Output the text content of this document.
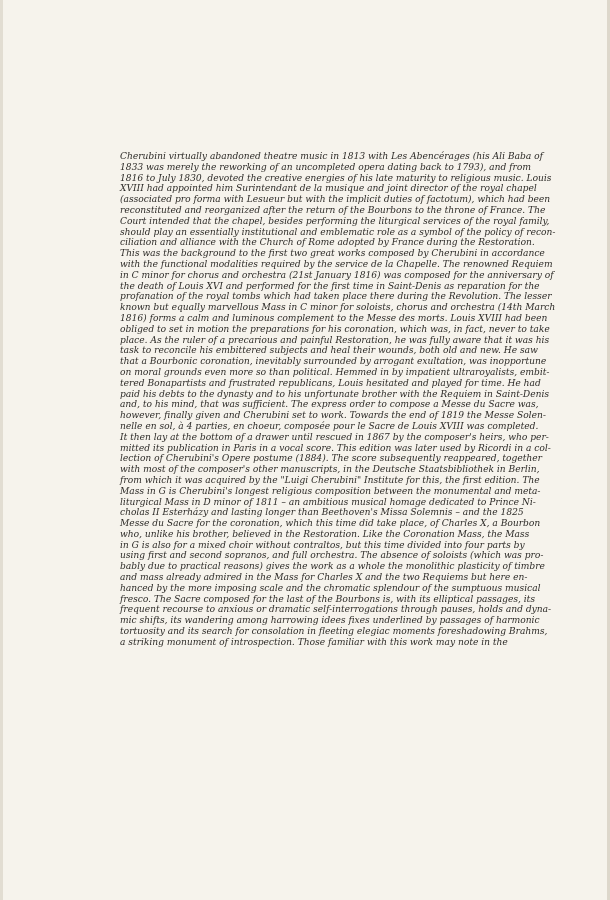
Cherubini virtually abandoned theatre music in 1813 with Les Abencérages (his Ali Baba of
1833 was merely the reworking of an uncompleted opera dating back to 1793), and from
1816 to July 1830, devoted the creative energies of his late maturity to religious music. Louis
XVIII had appointed him Surintendant de la musique and joint director of the royal chapel
(associated pro forma with Lesueur but with the implicit duties of factotum), which had been
reconstituted and reorganized after the return of the Bourbons to the throne of France. The
Court intended that the chapel, besides performing the liturgical services of the royal family,
should play an essentially institutional and emblematic role as a symbol of the policy of recon-
ciliation and alliance with the Church of Rome adopted by France during the Restoration.
This was the background to the first two great works composed by Cherubini in accordance
with the functional modalities required by the service de la Chapelle. The renowned Requiem
in C minor for chorus and orchestra (21st January 1816) was composed for the anniversary of
the death of Louis XVI and performed for the first time in Saint-Denis as reparation for the
profanation of the royal tombs which had taken place there during the Revolution. The lesser
known but equally marvellous Mass in C minor for soloists, chorus and orchestra (14th March
1816) forms a calm and luminous complement to the Messe des morts. Louis XVIII had been
obliged to set in motion the preparations for his coronation, which was, in fact, never to take
place. As the ruler of a precarious and painful Restoration, he was fully aware that it was his
task to reconcile his embittered subjects and heal their wounds, both old and new. He saw
that a Bourbonic coronation, inevitably surrounded by arrogant exultation, was inopportune
on moral grounds even more so than political. Hemmed in by impatient ultraroyalists, embit-
tered Bonapartists and frustrated republicans, Louis hesitated and played for time. He had
paid his debts to the dynasty and to his unfortunate brother with the Requiem in Saint-Denis
and, to his mind, that was sufficient. The express order to compose a Messe du Sacre was,
however, finally given and Cherubini set to work. Towards the end of 1819 the Messe Solen-
nelle en sol, à 4 parties, en choeur, composée pour le Sacre de Louis XVIII was completed.
It then lay at the bottom of a drawer until rescued in 1867 by the composer's heirs, who per-
mitted its publication in Paris in a vocal score. This edition was later used by Ricordi in a col-
lection of Cherubini's Opere postume (1884). The score subsequently reappeared, together
with most of the composer's other manuscripts, in the Deutsche Staatsbibliothek in Berlin,
from which it was acquired by the "Luigi Cherubini" Institute for this, the first edition. The
Mass in G is Cherubini's longest religious composition between the monumental and meta-
liturgical Mass in D minor of 1811 – an ambitious musical homage dedicated to Prince Ni-
cholas II Esterházy and lasting longer than Beethoven's Missa Solemnis – and the 1825
Messe du Sacre for the coronation, which this time did take place, of Charles X, a Bourbon
who, unlike his brother, believed in the Restoration. Like the Coronation Mass, the Mass
in G is also for a mixed choir without contraltos, but this time divided into four parts by
using first and second sopranos, and full orchestra. The absence of soloists (which was pro-
bably due to practical reasons) gives the work as a whole the monolithic plasticity of timbre
and mass already admired in the Mass for Charles X and the two Requiems but here en-
hanced by the more imposing scale and the chromatic splendour of the sumptuous musical
fresco. The Sacre composed for the last of the Bourbons is, with its elliptical passages, its
frequent recourse to anxious or dramatic self-interrogations through pauses, holds and dyna-
mic shifts, its wandering among harrowing idees fixes underlined by passages of harmonic
tortuosity and its search for consolation in fleeting elegiac moments foreshadowing Brahms,
a striking monument of introspection. Those familiar with this work may note in the
